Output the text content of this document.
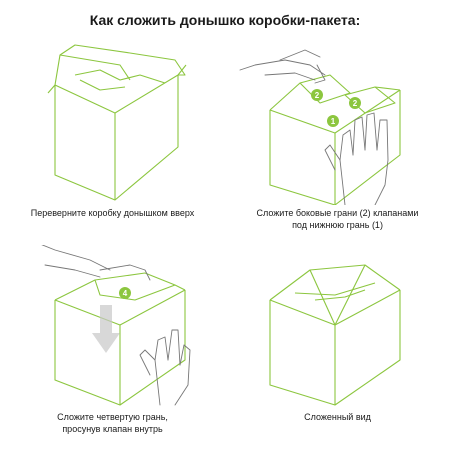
Как сложить донышко коробки-пакета:
Переверните коробку донышком вверх
2
2
1
Сложите боковые грани (2) клапанами
под нижнюю грань (1)
4
Сложите четвертую грань,
просунув клапан внутрь
Сложенный вид
